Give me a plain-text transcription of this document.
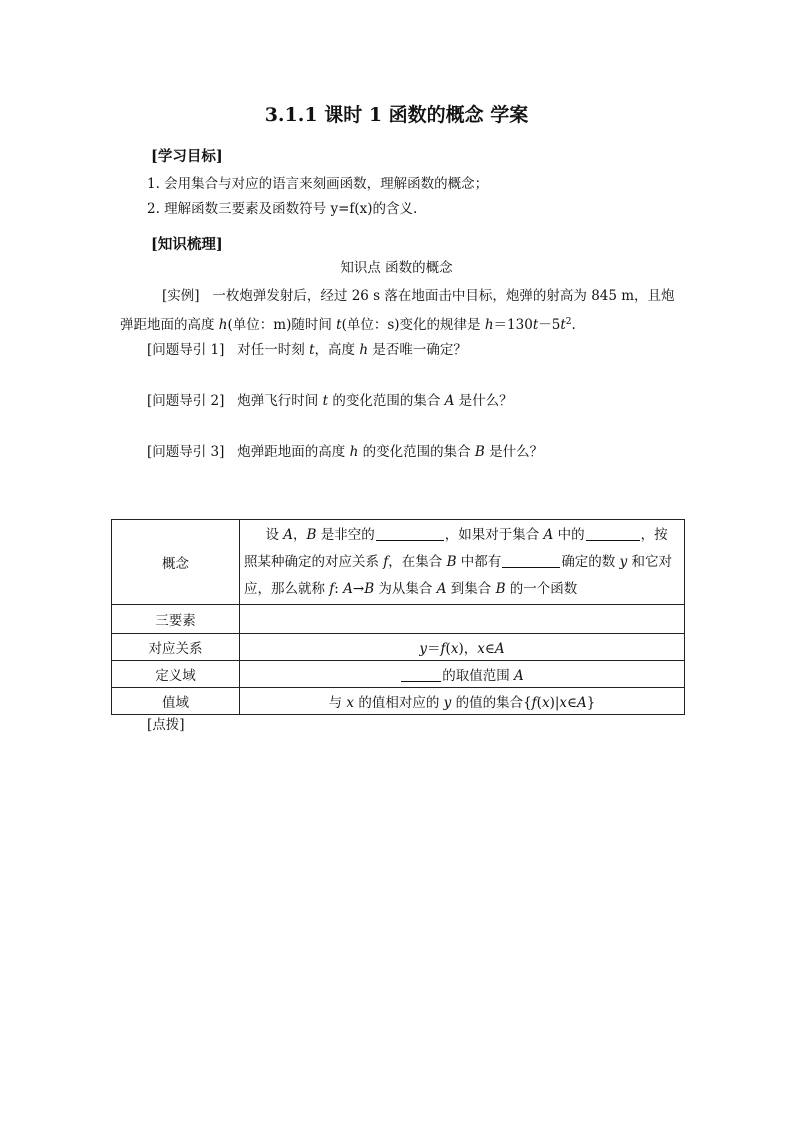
3.1.1 课时 1 函数的概念 学案
[学习目标]
1. 会用集合与对应的语言来刻画函数，理解函数的概念；
2. 理解函数三要素及函数符号 y=f(x)的含义.
[知识梳理]
知识点 函数的概念
[实例] 一枚炮弹发射后，经过 26 s 落在地面击中目标，炮弹的射高为 845 m，且炮
弹距地面的高度 h(单位：m)随时间 t(单位：s)变化的规律是 $h=130t-5t^2$.
[问题导引 1] 对任一时刻 t，高度 h 是否唯一确定？
[问题导引 2] 炮弹飞行时间 t 的变化范围的集合 A 是什么？
[问题导引 3] 炮弹距地面的高度 h 的变化范围的集合 B 是什么？
概念	设 A，B 是非空的 ，如果对于集合 A 中的 ，按
照某种确定的对应关系 f，在集合 B 中都有 确定的数 y 和它对
应，那么就称 f: A→B 为从集合 A 到集合 B 的一个函数
三要素	
对应关系	y＝f(x)，x∈A
定义域	的取值范围 A
值域	与 x 的值相对应的 y 的值的集合{f(x)|x∈A}
[点拨]
